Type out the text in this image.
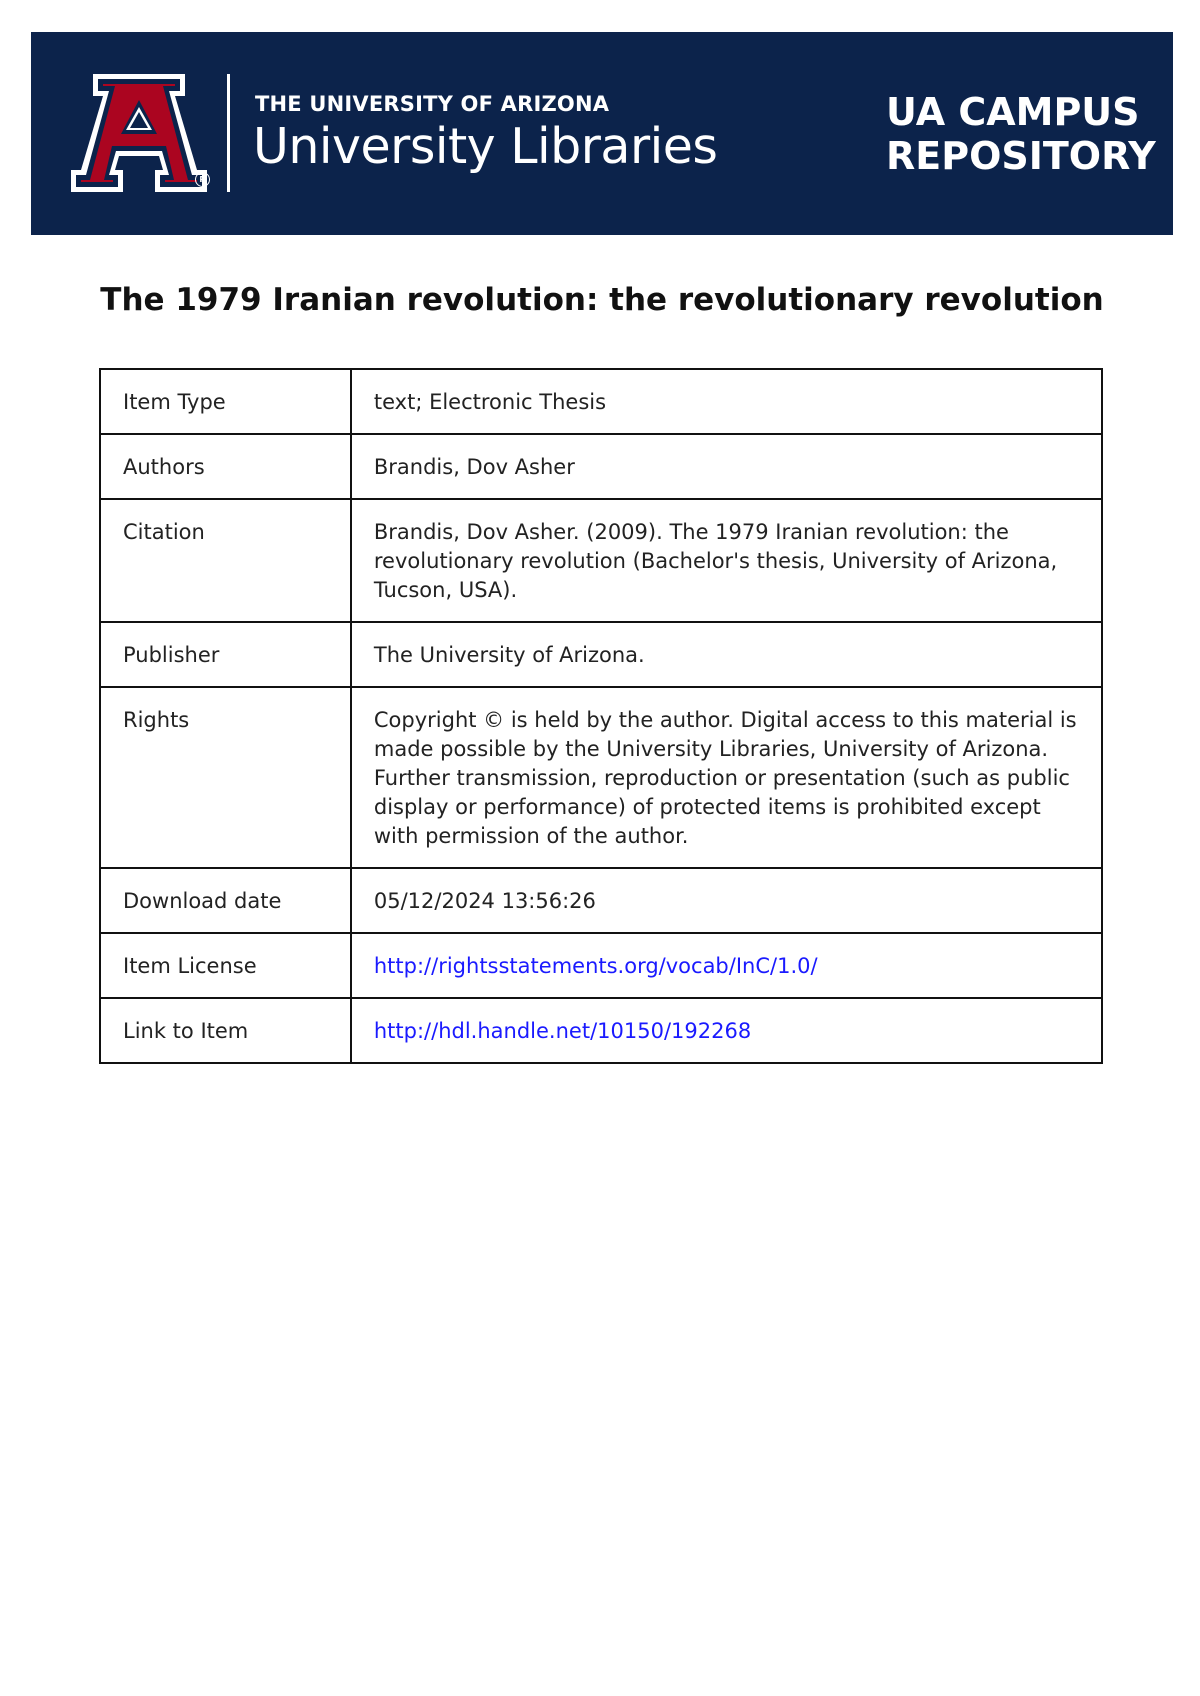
R
THE UNIVERSITY OF ARIZONA
University Libraries
UA CAMPUS
REPOSITORY
The 1979 Iranian revolution: the revolutionary revolution
Item Type	text; Electronic Thesis
Authors	Brandis, Dov Asher
Citation	Brandis, Dov Asher. (2009). The 1979 Iranian revolution: the revolutionary revolution (Bachelor's thesis, University of Arizona, Tucson, USA).
Publisher	The University of Arizona.
Rights	Copyright © is held by the author. Digital access to this material is made possible by the University Libraries, University of Arizona. Further transmission, reproduction or presentation (such as public display or performance) of protected items is prohibited except with permission of the author.
Download date	05/12/2024 13:56:26
Item License	http://rightsstatements.org/vocab/InC/1.0/
Link to Item	http://hdl.handle.net/10150/192268
